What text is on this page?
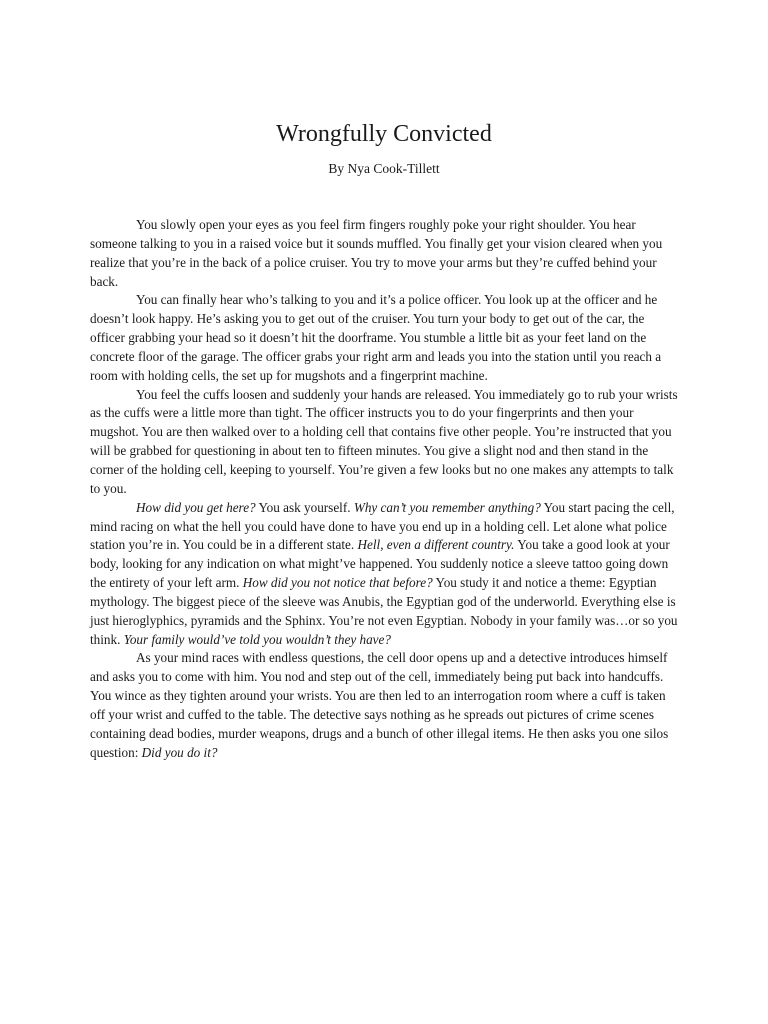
Wrongfully Convicted

By Nya Cook-Tillett

You slowly open your eyes as you feel firm fingers roughly poke your right shoulder. You hear someone talking to you in a raised voice but it sounds muffled. You finally get your vision cleared when you realize that you’re in the back of a police cruiser. You try to move your arms but they’re cuffed behind your back.

You can finally hear who’s talking to you and it’s a police officer. You look up at the officer and he doesn’t look happy. He’s asking you to get out of the cruiser. You turn your body to get out of the car, the officer grabbing your head so it doesn’t hit the doorframe. You stumble a little bit as your feet land on the concrete floor of the garage. The officer grabs your right arm and leads you into the station until you reach a room with holding cells, the set up for mugshots and a fingerprint machine.

You feel the cuffs loosen and suddenly your hands are released. You immediately go to rub your wrists as the cuffs were a little more than tight. The officer instructs you to do your fingerprints and then your mugshot. You are then walked over to a holding cell that contains five other people. You’re instructed that you will be grabbed for questioning in about ten to fifteen minutes. You give a slight nod and then stand in the corner of the holding cell, keeping to yourself. You’re given a few looks but no one makes any attempts to talk to you.

How did you get here? You ask yourself. Why can’t you remember anything? You start pacing the cell, mind racing on what the hell you could have done to have you end up in a holding cell. Let alone what police station you’re in. You could be in a different state. Hell, even a different country. You take a good look at your body, looking for any indication on what might’ve happened. You suddenly notice a sleeve tattoo going down the entirety of your left arm. How did you not notice that before? You study it and notice a theme: Egyptian mythology. The biggest piece of the sleeve was Anubis, the Egyptian god of the underworld. Everything else is just hieroglyphics, pyramids and the Sphinx. You’re not even Egyptian. Nobody in your family was…or so you think. Your family would’ve told you wouldn’t they have?

As your mind races with endless questions, the cell door opens up and a detective introduces himself and asks you to come with him. You nod and step out of the cell, immediately being put back into handcuffs. You wince as they tighten around your wrists. You are then led to an interrogation room where a cuff is taken off your wrist and cuffed to the table. The detective says nothing as he spreads out pictures of crime scenes containing dead bodies, murder weapons, drugs and a bunch of other illegal items. He then asks you one silos question: Did you do it?
